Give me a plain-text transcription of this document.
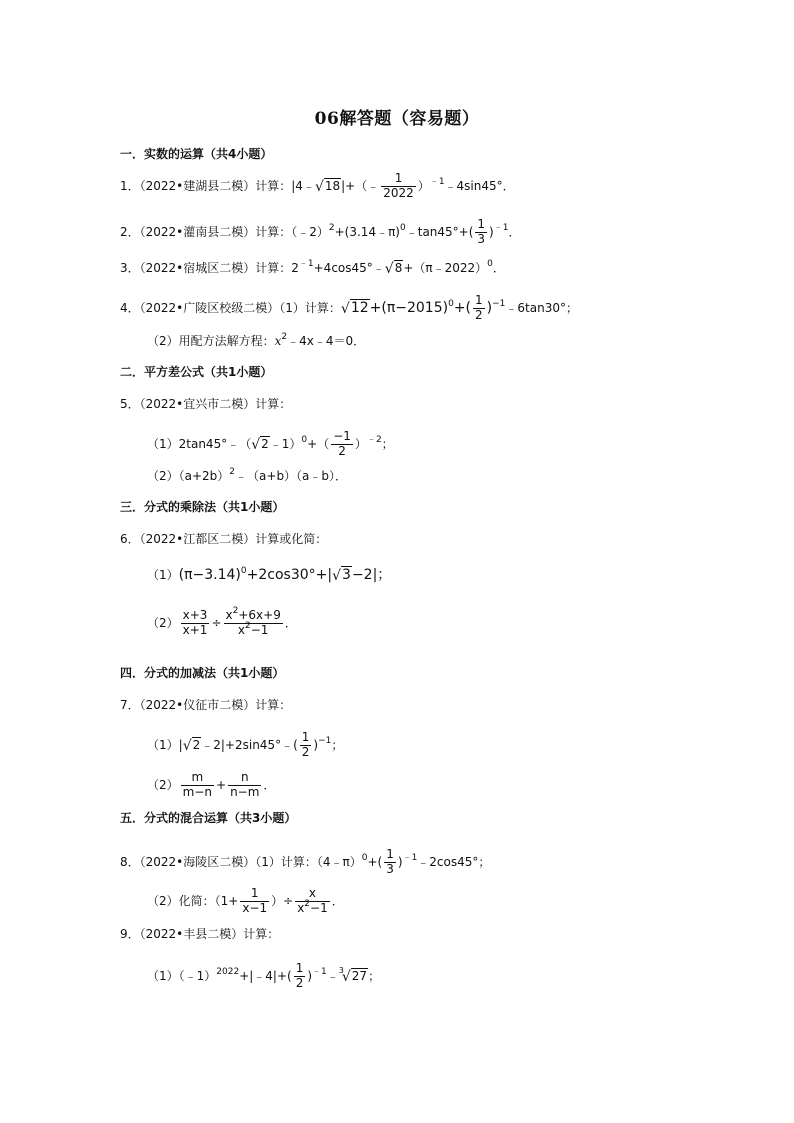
06解答题（容易题）
一．实数的运算（共4小题）
1．（2022•建湖县二模）计算：|4﹣√18|+（﹣ $\frac{1}{2022}$ ）$^{﹣1}$﹣4sin45°．
2．（2022•灌南县二模）计算：（﹣2）$^2$+(3.14﹣π)$^0$﹣tan45°+( $\frac{1}{3} )^{﹣1}$．
3．（2022•宿城区二模）计算：$2^{﹣1}+4\cos 45^\circ﹣√8+(\pi﹣2022)^0$．
4．（2022•广陵区校级二模）（1）计算：$√12+(\pi-2015)^0+( \frac{1}{2}$ )$^{-1}﹣6\tan 30^\circ$；
（2）用配方法解方程：$x^2﹣4x﹣4=0$．
二．平方差公式（共1小题）
5．（2022•宜兴市二模）计算：
（1）2tan45°﹣（√2﹣1）$^0$+（ $\frac{-1}{2} )^{﹣2}$；
$(2)(a+2b)^2﹣(a+b)(a﹣b)$．
三．分式的乘除法（共1小题）
6．（2022•江都区二模）计算或化简：
$(1)(\pi-3.14)^0+2\cos 30^\circ+|√3-2|$；
$(2) \frac{x+3}{x+1} \div \frac{x^2+6x+9}{x^2-1}$ ．
四．分式的加减法（共1小题）
7．（2022•仪征市二模）计算：
（1）|√2﹣2|+2sin45°﹣( $\frac{1}{2} )^{-1}$；
$(2) \frac{m}{m-n} + \frac{n}{n-m}$ ．
五．分式的混合运算（共3小题）
8．（2022•海陵区二模）（1）计算：（4﹣π）$^0$+( $\frac{1}{3}$ )$^{﹣1}$﹣2cos45°；
（2）化简：（$1+ \frac{1}{x-1}$ ）÷ $\frac{x}{x^2-1}$ ．
9．（2022•丰县二模）计算：
（1）（﹣1）$^{2022}$+|﹣4|+( $\frac{1}{2}$ )$^{﹣1}$﹣$^3$√27；
